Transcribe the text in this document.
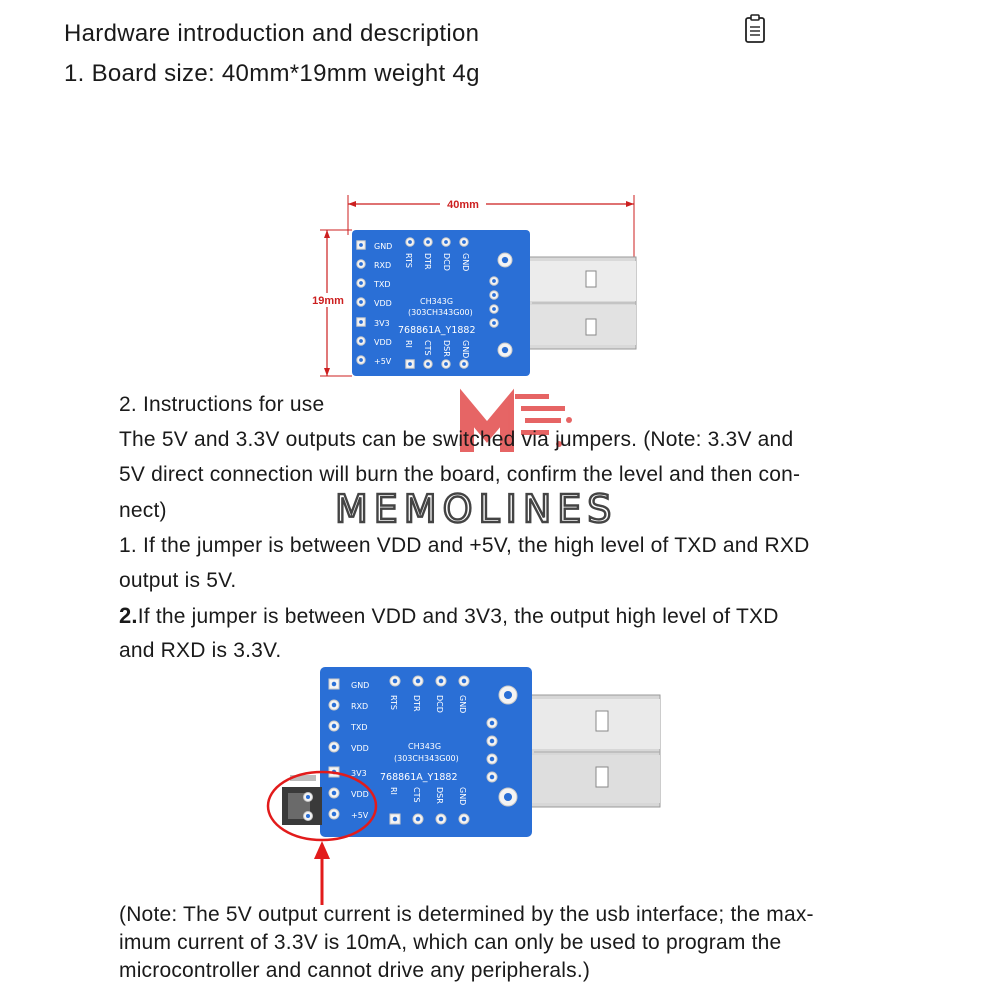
Hardware introduction and description
1. Board size: 40mm*19mm weight 4g
40mm
19mm
GND
RXD
TXD
VDD
3V3
VDD
+5V
RTS DTR DCD GND
CH343G
(303CH343G00)
768861A_Y1882
RI CTS DSR GND
MEMOLINES
2. Instructions for use
The 5V and 3.3V outputs can be switched via jumpers. (Note: 3.3V and
5V direct connection will burn the board, confirm the level and then con-
nect)
1. If the jumper is between VDD and +5V, the high level of TXD and RXD
output is 5V.
2.If the jumper is between VDD and 3V3, the output high level of TXD
and RXD is 3.3V.
GND
RXD
TXD
VDD
3V3
VDD
+5V
RTS DTR DCD GND
CH343G
(303CH343G00)
768861A_Y1882
RI CTS DSR GND
(Note: The 5V output current is determined by the usb interface; the max-
imum current of 3.3V is 10mA, which can only be used to program the
microcontroller and cannot drive any peripherals.)
